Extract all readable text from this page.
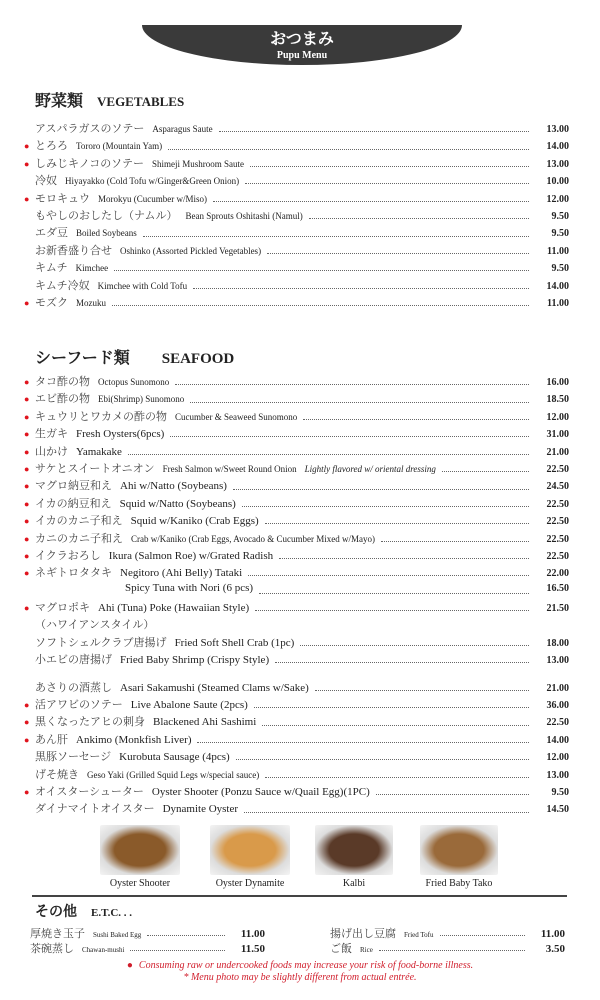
おつまみ
Pupu Menu
野菜類 VEGETABLES
アスパラガスのソテー Asparagus Saute	13.00
● とろろ Tororo (Mountain Yam)	14.00
● しみじキノコのソテー Shimeji Mushroom Saute	13.00
冷奴 Hiyayakko (Cold Tofu w/Ginger&Green Onion)	10.00
● モロキュウ Morokyu (Cucumber w/Miso)	12.00
もやしのおしたし（ナムル） Bean Sprouts Oshitashi (Namul)	9.50
エダ豆 Boiled Soybeans	9.50
お新香盛り合せ Oshinko (Assorted Pickled Vegetables)	11.00
キムチ Kimchee	9.50
キムチ冷奴 Kimchee with Cold Tofu	14.00
● モズク Mozuku	11.00
シーフード類 SEAFOOD
● タコ酢の物 Octopus Sunomono	16.00
● エビ酢の物 Ebi(Shrimp) Sunomono	18.50
● キュウリとワカメの酢の物 Cucumber & Seaweed Sunomono	12.00
● 生ガキ Fresh Oysters(6pcs)	31.00
● 山かけ Yamakake	21.00
● サケとスイートオニオン Fresh Salmon w/Sweet Round Onion Lightly flavored w/ oriental dressing	22.50
● マグロ納豆和え Ahi w/Natto (Soybeans)	24.50
● イカの納豆和え Squid w/Natto (Soybeans)	22.50
● イカのカニ子和え Squid w/Kaniko (Crab Eggs)	22.50
● カニのカニ子和え Crab w/Kaniko (Crab Eggs, Avocado & Cucumber Mixed w/Mayo)	22.50
● イクラおろし Ikura (Salmon Roe) w/Grated Radish	22.50
● ネギトロタタキ Negitoro (Ahi Belly) Tataki	22.00
Spicy Tuna with Nori (6 pcs)	16.50
● マグロポキ Ahi (Tuna) Poke (Hawaiian Style)	21.50
（ハワイアンスタイル）
ソフトシェルクラブ唐揚げ Fried Soft Shell Crab (1pc)	18.00
小エビの唐揚げ Fried Baby Shrimp (Crispy Style)	13.00
あさりの酒蒸し Asari Sakamushi (Steamed Clams w/Sake)	21.00
● 活アワビのソテー Live Abalone Saute (2pcs)	36.00
● 黒くなったアヒの刺身 Blackened Ahi Sashimi	22.50
● あん肝 Ankimo (Monkfish Liver)	14.00
黒豚ソーセージ Kurobuta Sausage (4pcs)	12.00
げそ焼き Geso Yaki (Grilled Squid Legs w/special sauce)	13.00
● オイスターシューター Oyster Shooter (Ponzu Sauce w/Quail Egg)(1PC)	9.50
ダイナマイトオイスター Dynamite Oyster	14.50
Oyster Shooter	Oyster Dynamite	Kalbi	Fried Baby Tako
その他 E.T.C. . .
厚焼き玉子 Sushi Baked Egg	11.00
茶碗蒸し Chawan-mushi	11.50
揚げ出し豆腐 Fried Tofu	11.00
ご飯 Rice	3.50
● Consuming raw or undercooked foods may increase your risk of food-borne illness.
* Menu photo may be slightly different from actual entrée.
